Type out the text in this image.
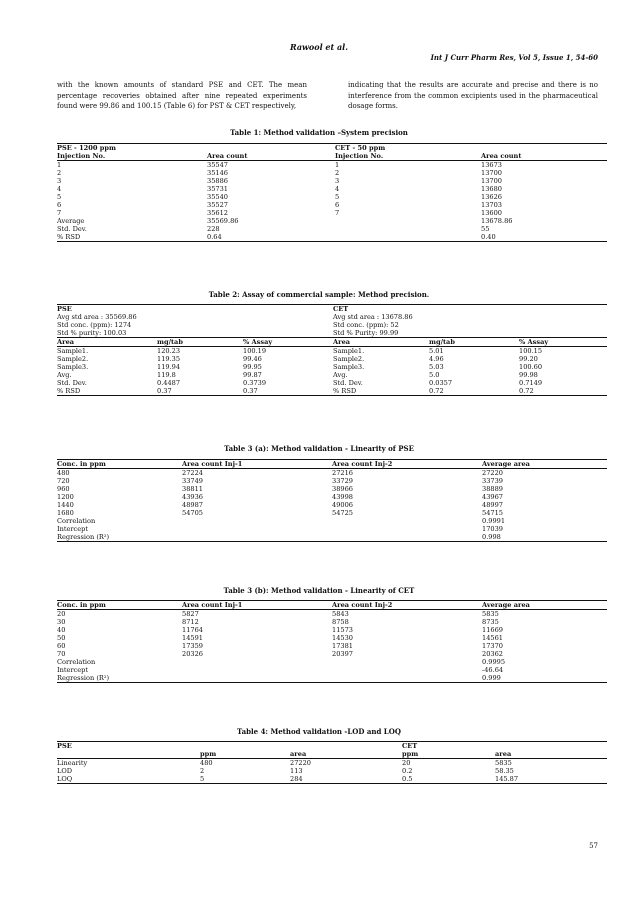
Rawool et al.
Int J Curr Pharm Res, Vol 5, Issue 1, 54-60
with the known amounts of standard PSE and CET. The mean percentage recoveries obtained after nine repeated experiments found were 99.86 and 100.15 (Table 6) for PST & CET respectively,
indicating that the results are accurate and precise and there is no interference from the common excipients used in the pharmaceutical dosage forms.
Table 1: Method validation –System precision
PSE - 1200 ppm		CET - 50 ppm	
Injection No.	Area count	Injection No.	Area count
1	35547	1	13673
2	35146	2	13700
3	35886	3	13700
4	35731	4	13680
5	35540	5	13626
6	35527	6	13703
7	35612	7	13600
Average	35569.86		13678.86
Std. Dev.	228		55
% RSD	0.64		0.40
Table 2: Assay of commercial sample: Method precision.
PSE			CET		
Avg std area : 35569.86			Avg std area : 13678.86		
Std conc. (ppm): 1274			Std conc. (ppm): 52		
Std % purity: 100.03			Std % Purity: 99.99		
Area	mg/tab	% Assay	Area	mg/tab	% Assay
Sample1.	120.23	100.19	Sample1.	5.01	100.15
Sample2.	119.35	99.46	Sample2.	4.96	99.20
Sample3.	119.94	99.95	Sample3.	5.03	100.60
Avg.	119.8	99.87	Avg.	5.0	99.98
Std. Dev.	0.4487	0.3739	Std. Dev.	0.0357	0.7149
% RSD	0.37	0.37	% RSD	0.72	0.72
Table 3 (a): Method validation - Linearity of PSE
Conc. in ppm	Area count Inj-1	Area count Inj-2	Average area
480	27224	27216	27220
720	33749	33729	33739
960	38811	38966	38889
1200	43936	43998	43967
1440	48987	49006	48997
1680	54705	54725	54715
Correlation			0.9991
Intercept			17039
Regression (R²)			0.998
Table 3 (b): Method validation - Linearity of CET
Conc. in ppm	Area count Inj-1	Area count Inj-2	Average area
20	5827	5843	5835
30	8712	8758	8735
40	11764	11573	11669
50	14591	14530	14561
60	17359	17381	17370
70	20326	20397	20362
Correlation			0.9995
Intercept			-46.64
Regression (R²)			0.999
Table 4: Method validation -LOD and LOQ
PSE			CET	
	ppm	area	ppm	area
Linearity	480	27220	20	5835
LOD	2	113	0.2	58.35
LOQ	5	284	0.5	145.87
57
